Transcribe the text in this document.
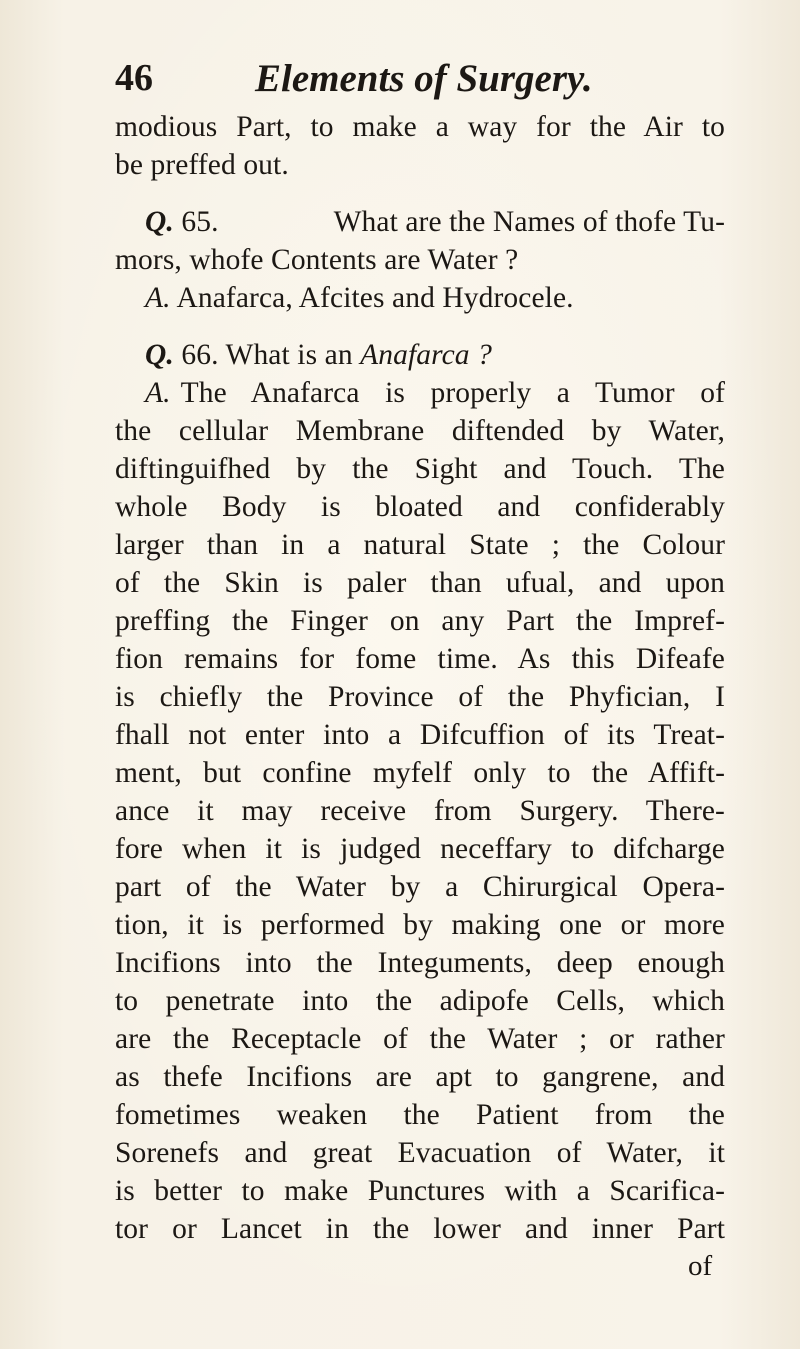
46	Elements of Surgery.
modious Part, to make a way for the Air to
be preffed out.
Q. 65.	What are the Names of thofe Tu-
mors, whofe Contents are Water ?
A. Anafarca, Afcites and Hydrocele.
Q. 66. What is an Anafarca ?
A. The Anafarca is properly a Tumor of
the cellular Membrane diftended by Water,
diftinguifhed by the Sight and Touch. The
whole Body is bloated and confiderably
larger than in a natural State ; the Colour
of the Skin is paler than ufual, and upon
preffing the Finger on any Part the Impref-
fion remains for fome time. As this Difeafe
is chiefly the Province of the Phyfician, I
fhall not enter into a Difcuffion of its Treat-
ment, but confine myfelf only to the Affift-
ance it may receive from Surgery. There-
fore when it is judged neceffary to difcharge
part of the Water by a Chirurgical Opera-
tion, it is performed by making one or more
Incifions into the Integuments, deep enough
to penetrate into the adipofe Cells, which
are the Receptacle of the Water ; or rather
as thefe Incifions are apt to gangrene, and
fometimes weaken the Patient from the
Sorenefs and great Evacuation of Water, it
is better to make Punctures with a Scarifica-
tor or Lancet in the lower and inner Part
of
